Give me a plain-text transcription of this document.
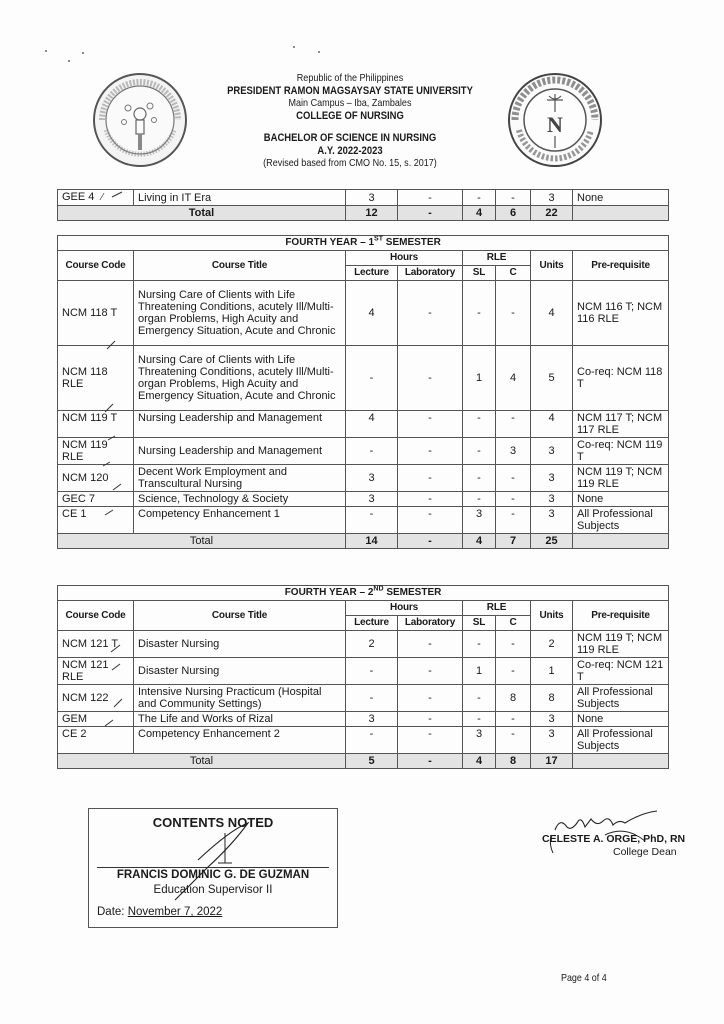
Republic of the Philippines
PRESIDENT RAMON MAGSAYSAY STATE UNIVERSITY
Main Campus – Iba, Zambales
COLLEGE OF NURSING
BACHELOR OF SCIENCE IN NURSING
A.Y. 2022-2023
(Revised based from CMO No. 15, s. 2017)
N
GEE 4 ⁄	Living in IT Era	3	-	-	-	3	None
Total		12	-	4	6	22	
FOURTH YEAR – 1ST SEMESTER							
Course Code	Course Title	Hours		RLE		Units	Pre-requisite
		Lecture	Laboratory	SL	C		
NCM 118 T	Nursing Care of Clients with Life Threatening Conditions, acutely Ill/Multi-organ Problems, High Acuity and Emergency Situation, Acute and Chronic	4	-	-	-	4	NCM 116 T; NCM 116 RLE
NCM 118 RLE	Nursing Care of Clients with Life Threatening Conditions, acutely Ill/Multi-organ Problems, High Acuity and Emergency Situation, Acute and Chronic	-	-	1	4	5	Co-req: NCM 118 T
NCM 119 T	Nursing Leadership and Management	4	-	-	-	4	NCM 117 T; NCM 117 RLE
NCM 119 RLE	Nursing Leadership and Management	-	-	-	3	3	Co-req: NCM 119 T
NCM 120	Decent Work Employment and Transcultural Nursing	3	-	-	-	3	NCM 119 T; NCM 119 RLE
GEC 7	Science, Technology & Society	3	-	-	-	3	None
CE 1	Competency Enhancement 1	-	-	3	-	3	All Professional Subjects
Total		14	-	4	7	25	
FOURTH YEAR – 2ND SEMESTER							
Course Code	Course Title	Hours		RLE		Units	Pre-requisite
		Lecture	Laboratory	SL	C		
NCM 121 T	Disaster Nursing	2	-	-	-	2	NCM 119 T; NCM 119 RLE
NCM 121 RLE	Disaster Nursing	-	-	1	-	1	Co-req: NCM 121 T
NCM 122	Intensive Nursing Practicum (Hospital and Community Settings)	-	-	-	8	8	All Professional Subjects
GEM	The Life and Works of Rizal	3	-	-	-	3	None
CE 2	Competency Enhancement 2	-	-	3	-	3	All Professional Subjects
Total		5	-	4	8	17	
CONTENTS NOTED
FRANCIS DOMINIC G. DE GUZMAN
Education Supervisor II
Date: November 7, 2022
CELESTE A. ORGE, PhD, RN
College Dean
Page 4 of 4
